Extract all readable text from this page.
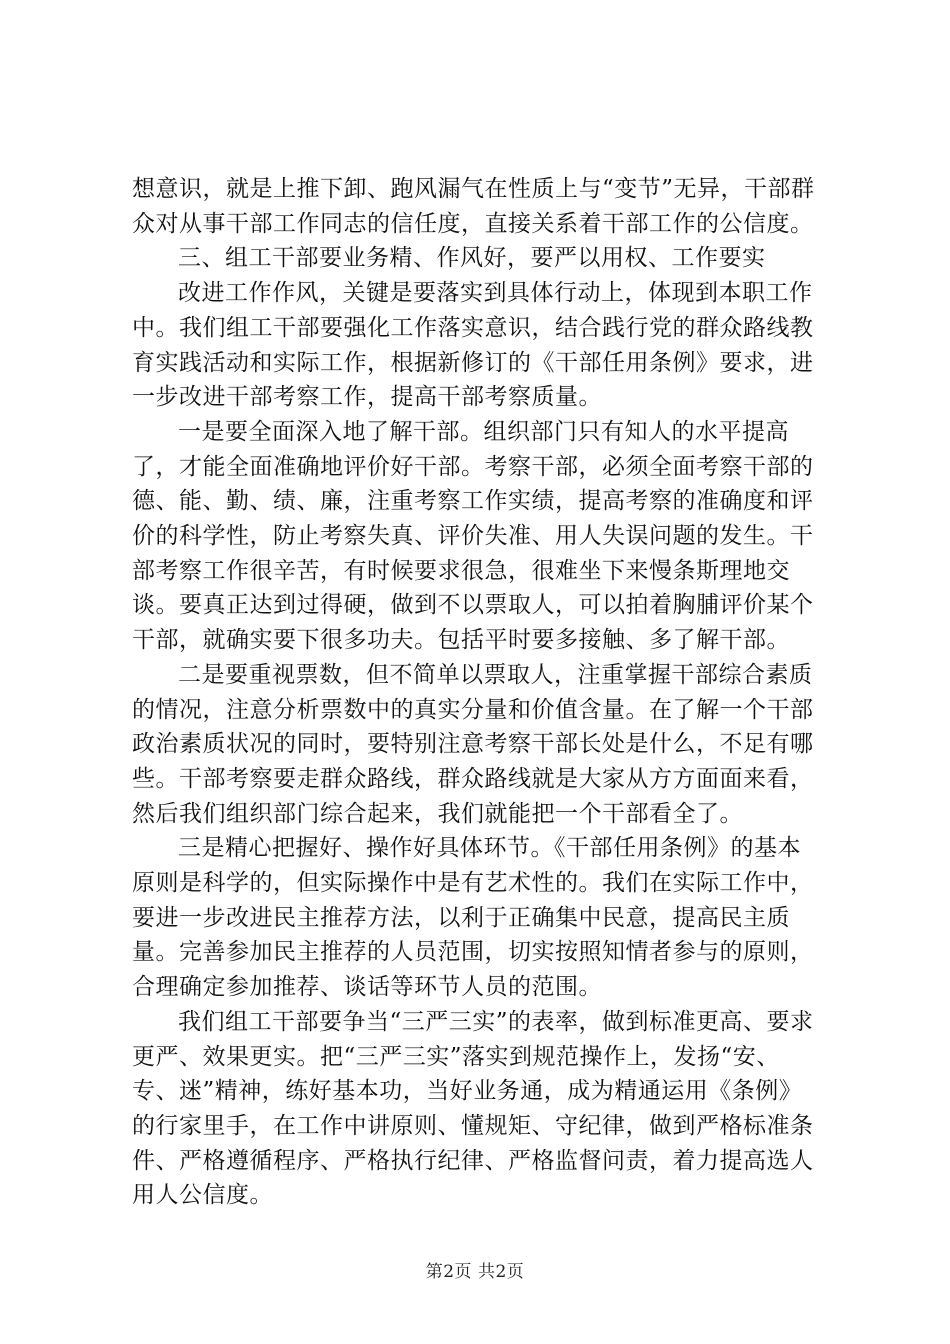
想意识，就是上推下卸、跑风漏气在性质上与“变节”无异，干部群众对从事干部工作同志的信任度，直接关系着干部工作的公信度。

三、组工干部要业务精、作风好，要严以用权、工作要实

改进工作作风，关键是要落实到具体行动上，体现到本职工作中。我们组工干部要强化工作落实意识，结合践行党的群众路线教育实践活动和实际工作，根据新修订的《干部任用条例》要求，进一步改进干部考察工作，提高干部考察质量。

一是要全面深入地了解干部。组织部门只有知人的水平提高了，才能全面准确地评价好干部。考察干部，必须全面考察干部的德、能、勤、绩、廉，注重考察工作实绩，提高考察的准确度和评价的科学性，防止考察失真、评价失准、用人失误问题的发生。干部考察工作很辛苦，有时候要求很急，很难坐下来慢条斯理地交谈。要真正达到过得硬，做到不以票取人，可以拍着胸脯评价某个干部，就确实要下很多功夫。包括平时要多接触、多了解干部。

二是要重视票数，但不简单以票取人，注重掌握干部综合素质的情况，注意分析票数中的真实分量和价值含量。在了解一个干部政治素质状况的同时，要特别注意考察干部长处是什么，不足有哪些。干部考察要走群众路线，群众路线就是大家从方方面面来看，然后我们组织部门综合起来，我们就能把一个干部看全了。

三是精心把握好、操作好具体环节。《干部任用条例》的基本原则是科学的，但实际操作中是有艺术性的。我们在实际工作中，要进一步改进民主推荐方法，以利于正确集中民意，提高民主质量。完善参加民主推荐的人员范围，切实按照知情者参与的原则，合理确定参加推荐、谈话等环节人员的范围。

我们组工干部要争当“三严三实”的表率，做到标准更高、要求更严、效果更实。把“三严三实”落实到规范操作上，发扬“安、专、迷”精神，练好基本功，当好业务通，成为精通运用《条例》的行家里手，在工作中讲原则、懂规矩、守纪律，做到严格标准条件、严格遵循程序、严格执行纪律、严格监督问责，着力提高选人用人公信度。

第2页 共2页
